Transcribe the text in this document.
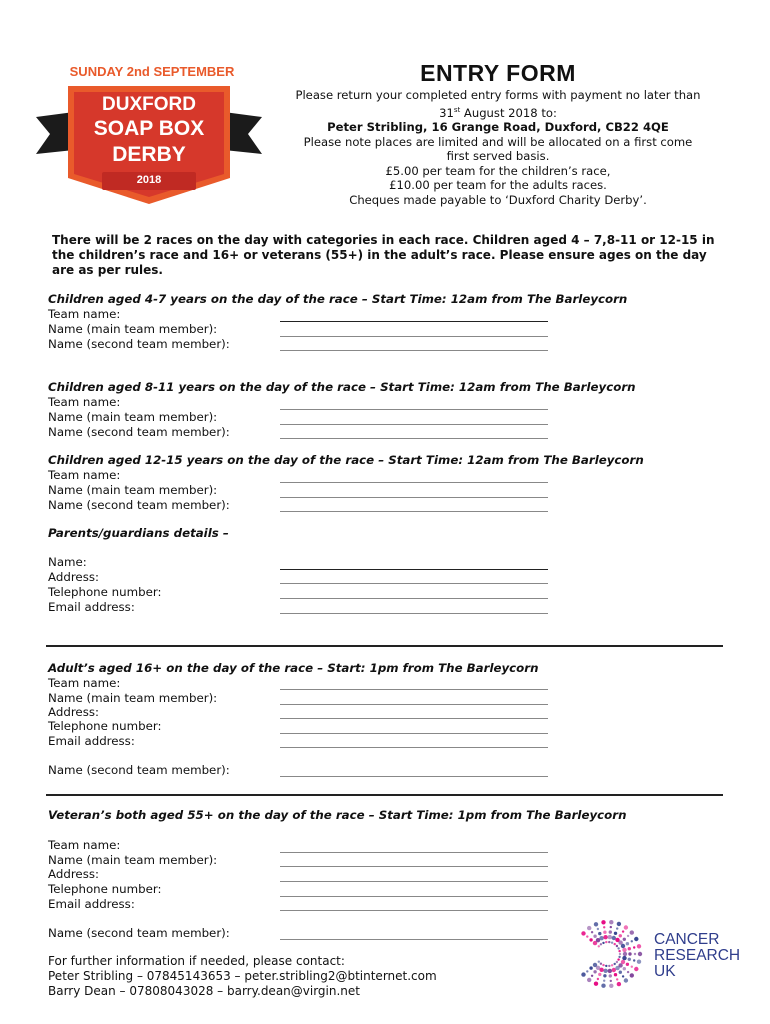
SUNDAY 2nd SEPTEMBER
DUXFORD
SOAP BOX
DERBY
2018
ENTRY FORM
Please return your completed entry forms with payment no later than
31st August 2018 to:
Peter Stribling, 16 Grange Road, Duxford, CB22 4QE
Please note places are limited and will be allocated on a first come
first served basis.
£5.00 per team for the children’s race,
£10.00 per team for the adults races.
Cheques made payable to ‘Duxford Charity Derby’.
There will be 2 races on the day with categories in each race. Children aged 4 – 7,8-11 or 12-15 in the children’s race and 16+ or veterans (55+) in the adult’s race. Please ensure ages on the day are as per rules.
Children aged 4-7 years on the day of the race – Start Time: 12am from The Barleycorn
Team name:
Name (main team member):
Name (second team member):
Children aged 8-11 years on the day of the race – Start Time: 12am from The Barleycorn
Team name:
Name (main team member):
Name (second team member):
Children aged 12-15 years on the day of the race – Start Time: 12am from The Barleycorn
Team name:
Name (main team member):
Name (second team member):
Parents/guardians details –
Name:
Address:
Telephone number:
Email address:
Adult’s aged 16+ on the day of the race – Start: 1pm from The Barleycorn
Team name:
Name (main team member):
Address:
Telephone number:
Email address:
Name (second team member):
Veteran’s both aged 55+ on the day of the race – Start Time: 1pm from The Barleycorn
Team name:
Name (main team member):
Address:
Telephone number:
Email address:
Name (second team member):
For further information if needed, please contact:
Peter Stribling – 07845143653 – peter.stribling2@btinternet.com
Barry Dean – 07808043028 – barry.dean@virgin.net
CANCER
RESEARCH
UK
